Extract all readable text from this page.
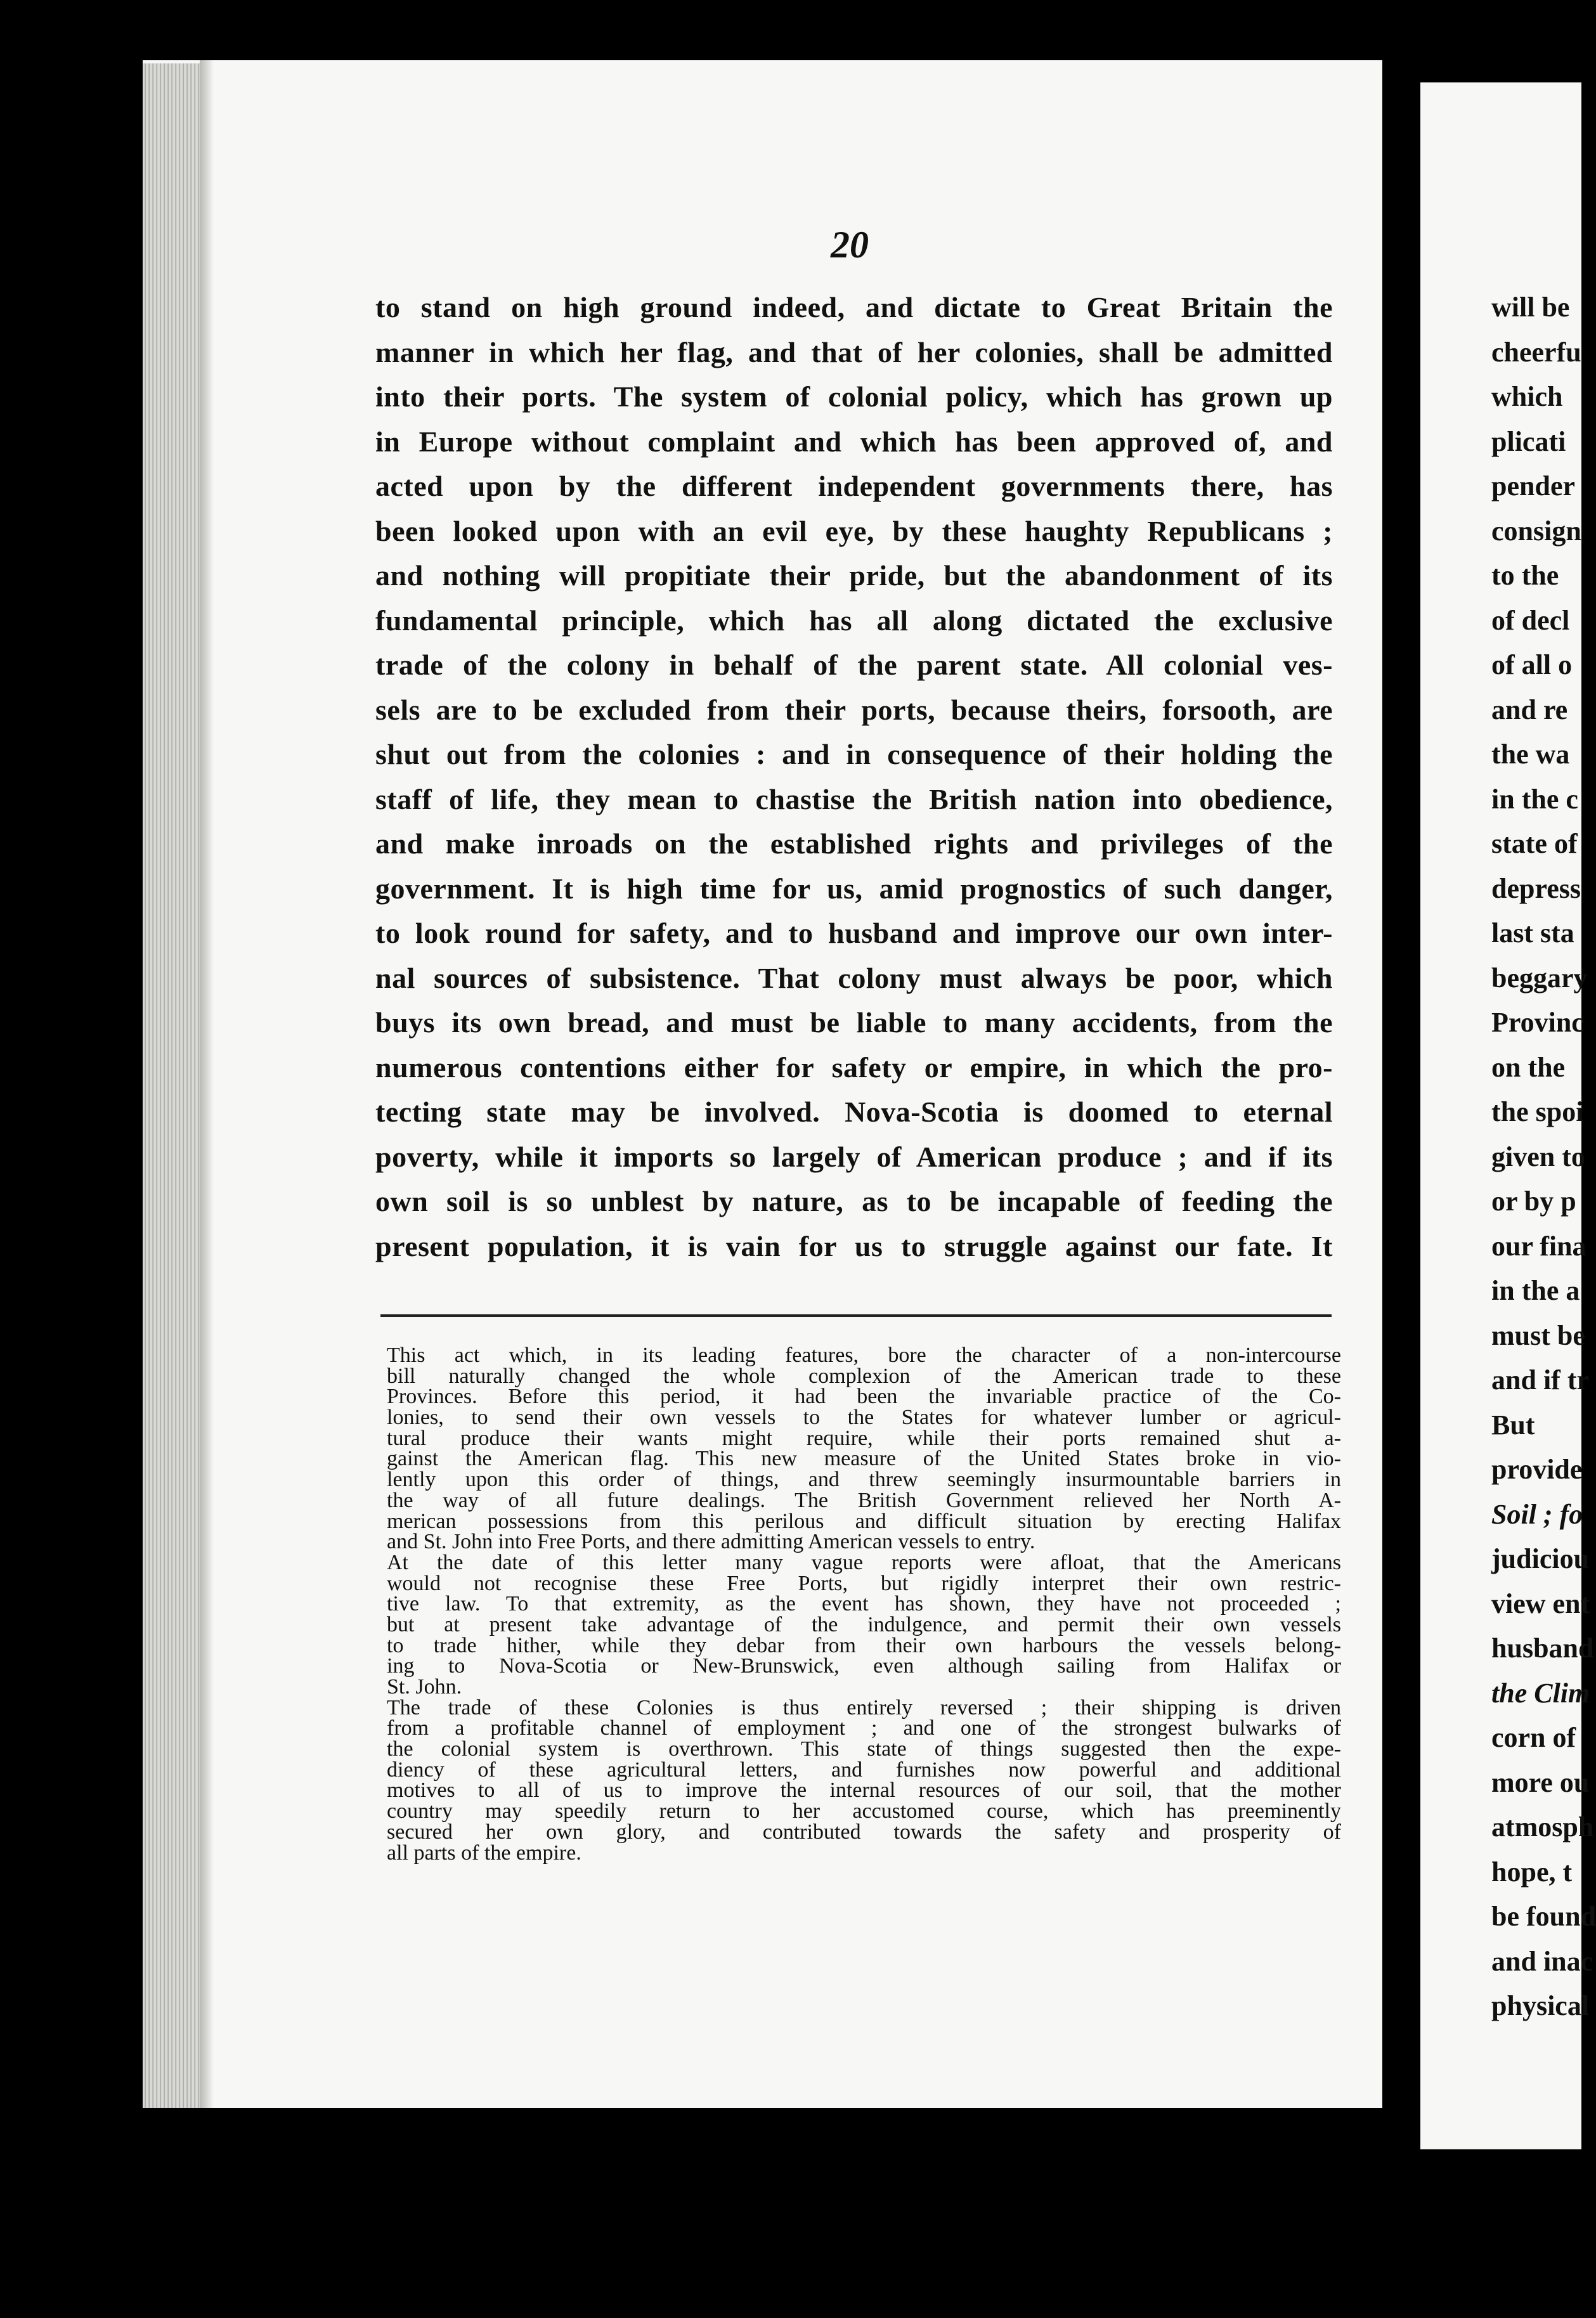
20
to stand on high ground indeed, and dictate to Great Britain the
manner in which her flag, and that of her colonies, shall be admitted
into their ports. The system of colonial policy, which has grown up
in Europe without complaint and which has been approved of, and
acted upon by the different independent governments there, has
been looked upon with an evil eye, by these haughty Republicans ;
and nothing will propitiate their pride, but the abandonment of its
fundamental principle, which has all along dictated the exclusive
trade of the colony in behalf of the parent state. All colonial ves-
sels are to be excluded from their ports, because theirs, forsooth, are
shut out from the colonies : and in consequence of their holding the
staff of life, they mean to chastise the British nation into obedience,
and make inroads on the established rights and privileges of the
government. It is high time for us, amid prognostics of such danger,
to look round for safety, and to husband and improve our own inter-
nal sources of subsistence. That colony must always be poor, which
buys its own bread, and must be liable to many accidents, from the
numerous contentions either for safety or empire, in which the pro-
tecting state may be involved. Nova-Scotia is doomed to eternal
poverty, while it imports so largely of American produce ; and if its
own soil is so unblest by nature, as to be incapable of feeding the
present population, it is vain for us to struggle against our fate. It
This act which, in its leading features, bore the character of a non-intercourse
bill naturally changed the whole complexion of the American trade to these
Provinces. Before this period, it had been the invariable practice of the Co-
lonies, to send their own vessels to the States for whatever lumber or agricul-
tural produce their wants might require, while their ports remained shut a-
gainst the American flag. This new measure of the United States broke in vio-
lently upon this order of things, and threw seemingly insurmountable barriers in
the way of all future dealings. The British Government relieved her North A-
merican possessions from this perilous and difficult situation by erecting Halifax
and St. John into Free Ports, and there admitting American vessels to entry.
At the date of this letter many vague reports were afloat, that the Americans
would not recognise these Free Ports, but rigidly interpret their own restric-
tive law. To that extremity, as the event has shown, they have not proceeded ;
but at present take advantage of the indulgence, and permit their own vessels
to trade hither, while they debar from their own harbours the vessels belong-
ing to Nova-Scotia or New-Brunswick, even although sailing from Halifax or
St. John.
The trade of these Colonies is thus entirely reversed ; their shipping is driven
from a profitable channel of employment ; and one of the strongest bulwarks of
the colonial system is overthrown. This state of things suggested then the expe-
diency of these agricultural letters, and furnishes now powerful and additional
motives to all of us to improve the internal resources of our soil, that the mother
country may speedily return to her accustomed course, which has preeminently
secured her own glory, and contributed towards the safety and prosperity of
all parts of the empire.
will be
cheerfu
which
plicati
pender
consign
to the
of decl
of all o
and re
the wa
in the c
state of
depress
last sta
beggary
Provinc
on the
the spoi
given to
or by p
our fina
in the a
must be
and if tr
But
provide
Soil ; fo
judiciou
view ent
husband
the Clim
corn of
more ou
atmosph
hope, t
be found
and inac
physical
